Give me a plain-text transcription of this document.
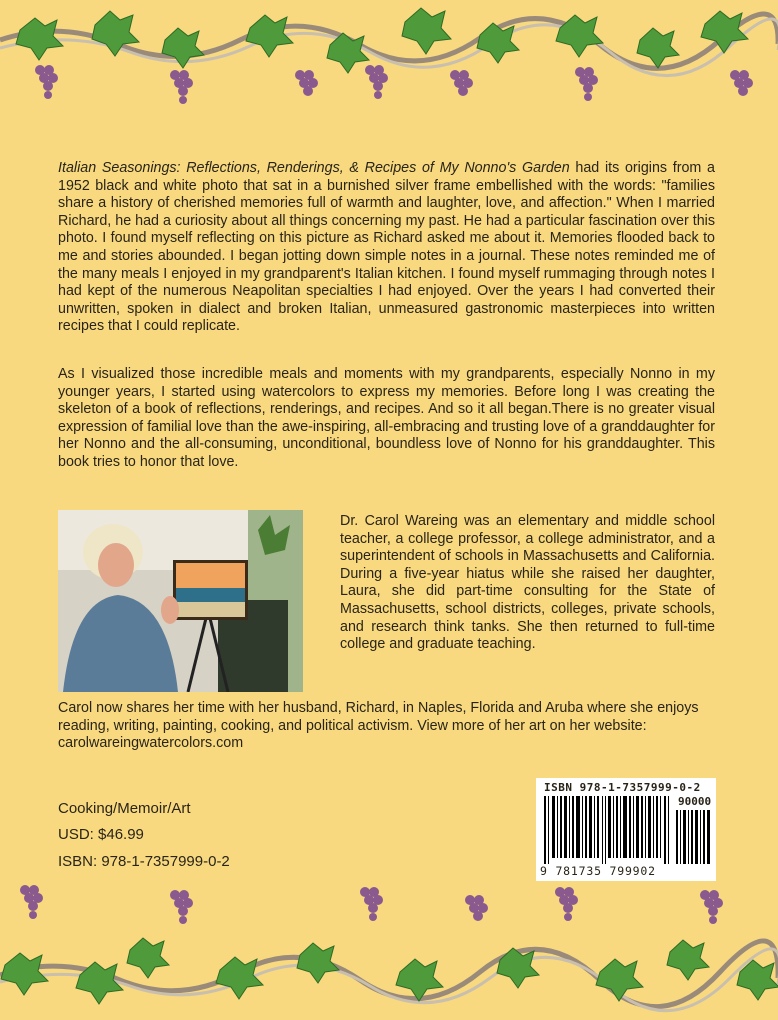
Italian Seasonings: Reflections, Renderings, & Recipes of My Nonno's Garden had its origins from a 1952 black and white photo that sat in a burnished silver frame embellished with the words: "families share a history of cherished memories full of warmth and laughter, love, and affection." When I married Richard, he had a curiosity about all things concerning my past. He had a particular fascination over this photo. I found myself reflecting on this picture as Richard asked me about it. Memories flooded back to me and stories abounded. I began jotting down simple notes in a journal. These notes reminded me of the many meals I enjoyed in my grandparent's Italian kitchen. I found myself rummaging through notes I had kept of the numerous Neapolitan specialties I had enjoyed. Over the years I had converted their unwritten, spoken in dialect and broken Italian, unmeasured gastronomic masterpieces into written recipes that I could replicate.

As I visualized those incredible meals and moments with my grandparents, especially Nonno in my younger years, I started using watercolors to express my memories. Before long I was creating the skeleton of a book of reflections, renderings, and recipes. And so it all began.There is no greater visual expression of familial love than the awe-inspiring, all-embracing and trusting love of a granddaughter for her Nonno and the all-consuming, unconditional, boundless love of Nonno for his granddaughter. This book tries to honor that love.

Dr. Carol Wareing was an elementary and middle school teacher, a college professor, a college administrator, and a superintendent of schools in Massachusetts and California. During a five-year hiatus while she raised her daughter, Laura, she did part-time consulting for the State of Massachusetts, school districts, colleges, private schools, and research think tanks. She then returned to full-time college and graduate teaching.

Carol now shares her time with her husband, Richard, in Naples, Florida and Aruba where she enjoys reading, writing, painting, cooking, and political activism. View more of her art on her website: carolwareingwatercolors.com

Cooking/Memoir/Art
USD: $46.99
ISBN: 978-1-7357999-0-2
ISBN 978-1-7357999-0-2
90000
9 781735 799902
